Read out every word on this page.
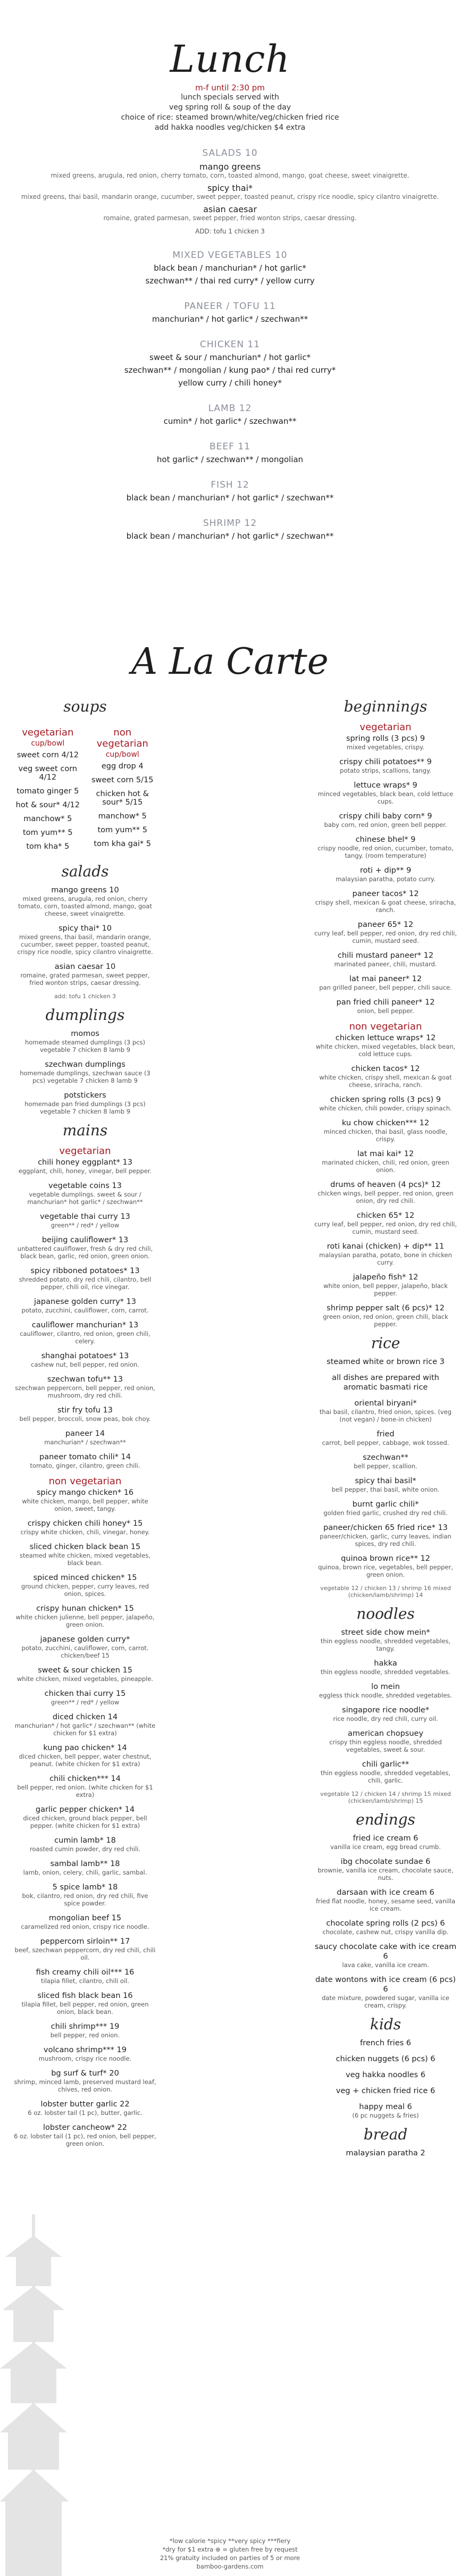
Lunch
m-f until 2:30 pm
lunch specials served with
veg spring roll & soup of the day
choice of rice: steamed brown/white/veg/chicken fried rice
add hakka noodles veg/chicken $4 extra
SALADS 10
mango greens
mixed greens, arugula, red onion, cherry tomato, corn, toasted almond, mango, goat cheese, sweet vinaigrette.
spicy thai*
mixed greens, thai basil, mandarin orange, cucumber, sweet pepper, toasted peanut, crispy rice noodle, spicy cilantro vinaigrette.
asian caesar
romaine, grated parmesan, sweet pepper, fried wonton strips, caesar dressing.
ADD: tofu 1 chicken 3
MIXED VEGETABLES 10
black bean / manchurian* / hot garlic*
szechwan** / thai red curry* / yellow curry
PANEER / TOFU 11
manchurian* / hot garlic* / szechwan**
CHICKEN 11
sweet & sour / manchurian* / hot garlic*
szechwan** / mongolian / kung pao* / thai red curry*
yellow curry / chili honey*
LAMB 12
cumin* / hot garlic* / szechwan**
BEEF 11
hot garlic* / szechwan** / mongolian
FISH 12
black bean / manchurian* / hot garlic* / szechwan**
SHRIMP 12
black bean / manchurian* / hot garlic* / szechwan**
A La Carte
soups
vegetarian
cup/bowl
sweet corn 4/12
veg sweet corn 4/12
tomato ginger 5
hot & sour* 4/12
manchow* 5
tom yum** 5
tom kha* 5
non vegetarian
cup/bowl
egg drop 4
sweet corn 5/15
chicken hot & sour* 5/15
manchow* 5
tom yum** 5
tom kha gai* 5
salads
mango greens 10
mixed greens, arugula, red onion, cherry tomato, corn, toasted almond, mango, goat cheese, sweet vinaigrette.
spicy thai* 10
mixed greens, thai basil, mandarin orange, cucumber, sweet pepper, toasted peanut, crispy rice noodle, spicy cilantro vinaigrette.
asian caesar 10
romaine, grated parmesan, sweet pepper, fried wonton strips, caesar dressing.
add: tofu 1 chicken 3
dumplings
momos
homemade steamed dumplings (3 pcs) vegetable 7 chicken 8 lamb 9
szechwan dumplings
homemade dumplings, szechwan sauce (3 pcs) vegetable 7 chicken 8 lamb 9
potstickers
homemade pan fried dumplings (3 pcs) vegetable 7 chicken 8 lamb 9
mains
vegetarian
chili honey eggplant* 13
eggplant, chili, honey, vinegar, bell pepper.
vegetable coins 13
vegetable dumplings. sweet & sour / manchurian* hot garlic* / szechwan**
vegetable thai curry 13
green** / red* / yellow
beijing cauliflower* 13
unbattered cauliflower, fresh & dry red chili, black bean, garlic, red onion, green onion.
spicy ribboned potatoes* 13
shredded potato, dry red chili, cilantro, bell pepper, chili oil, rice vinegar.
japanese golden curry* 13
potato, zucchini, cauliflower, corn, carrot.
cauliflower manchurian* 13
cauliflower, cilantro, red onion, green chili, celery.
shanghai potatoes* 13
cashew nut, bell pepper, red onion.
szechwan tofu** 13
szechwan peppercorn, bell pepper, red onion, mushroom, dry red chili.
stir fry tofu 13
bell pepper, broccoli, snow peas, bok choy.
paneer 14
manchurian* / szechwan**
paneer tomato chili* 14
tomato, ginger, cilantro, green chili.
non vegetarian
spicy mango chicken* 16
white chicken, mango, bell pepper, white onion, sweet, tangy.
crispy chicken chili honey* 15
crispy white chicken, chili, vinegar, honey.
sliced chicken black bean 15
steamed white chicken, mixed vegetables, black bean.
spiced minced chicken* 15
ground chicken, pepper, curry leaves, red onion, spices.
crispy hunan chicken* 15
white chicken julienne, bell pepper, jalapeño, green onion.
japanese golden curry*
potato, zucchini, cauliflower, corn, carrot. chicken/beef 15
sweet & sour chicken 15
white chicken, mixed vegetables, pineapple.
chicken thai curry 15
green** / red* / yellow
diced chicken 14
manchurian* / hot garlic* / szechwan** (white chicken for $1 extra)
kung pao chicken* 14
diced chicken, bell pepper, water chestnut, peanut. (white chicken for $1 extra)
chili chicken*** 14
bell pepper, red onion. (white chicken for $1 extra)
garlic pepper chicken* 14
diced chicken, ground black pepper, bell pepper. (white chicken for $1 extra)
cumin lamb* 18
roasted cumin powder, dry red chili.
sambal lamb** 18
lamb, onion, celery, chili, garlic, sambal.
5 spice lamb* 18
bok, cilantro, red onion, dry red chili, five spice powder.
mongolian beef 15
caramelized red onion, crispy rice noodle.
peppercorn sirloin** 17
beef, szechwan peppercorn, dry red chili, chili oil.
fish creamy chili oil*** 16
tilapia fillet, cilantro, chili oil.
sliced fish black bean 16
tilapia fillet, bell pepper, red onion, green onion, black bean.
chili shrimp*** 19
bell pepper, red onion.
volcano shrimp*** 19
mushroom, crispy rice noodle.
bg surf & turf* 20
shrimp, minced lamb, preserved mustard leaf, chives, red onion.
lobster butter garlic 22
6 oz. lobster tail (1 pc), butter, garlic.
lobster cancheow* 22
6 oz. lobster tail (1 pc), red onion, bell pepper, green onion.
beginnings
vegetarian
spring rolls (3 pcs) 9
mixed vegetables, crispy.
crispy chili potatoes** 9
potato strips, scallions, tangy.
lettuce wraps* 9
minced vegetables, black bean, cold lettuce cups.
crispy chili baby corn* 9
baby corn, red onion, green bell pepper.
chinese bhel* 9
crispy noodle, red onion, cucumber, tomato, tangy. (room temperature)
roti + dip** 9
malaysian paratha, potato curry.
paneer tacos* 12
crispy shell, mexican & goat cheese, sriracha, ranch.
paneer 65* 12
curry leaf, bell pepper, red onion, dry red chili, cumin, mustard seed.
chili mustard paneer* 12
marinated paneer, chili, mustard.
lat mai paneer* 12
pan grilled paneer, bell pepper, chili sauce.
pan fried chili paneer* 12
onion, bell pepper.
non vegetarian
chicken lettuce wraps* 12
white chicken, mixed vegetables, black bean, cold lettuce cups.
chicken tacos* 12
white chicken, crispy shell, mexican & goat cheese, sriracha, ranch.
chicken spring rolls (3 pcs) 9
white chicken, chili powder, crispy spinach.
ku chow chicken*** 12
minced chicken, thai basil, glass noodle, crispy.
lat mai kai* 12
marinated chicken, chili, red onion, green onion.
drums of heaven (4 pcs)* 12
chicken wings, bell pepper, red onion, green onion, dry red chili.
chicken 65* 12
curry leaf, bell pepper, red onion, dry red chili, cumin, mustard seed.
roti kanai (chicken) + dip** 11
malaysian paratha, potato, bone in chicken curry.
jalapeño fish* 12
white onion, bell pepper, jalapeño, black pepper.
shrimp pepper salt (6 pcs)* 12
green onion, red onion, green chili, black pepper.
rice
steamed white or brown rice 3
all dishes are prepared with aromatic basmati rice
oriental biryani*
thai basil, cilantro, fried onion, spices. (veg (not vegan) / bone-in chicken)
fried
carrot, bell pepper, cabbage, wok tossed.
szechwan**
bell pepper, scallion.
spicy thai basil*
bell pepper, thai basil, white onion.
burnt garlic chili*
golden fried garlic, crushed dry red chili.
paneer/chicken 65 fried rice* 13
paneer/chicken, garlic, curry leaves, indian spices, dry red chili.
quinoa brown rice** 12
quinoa, brown rice, vegetables, bell pepper, green onion.
vegetable 12 / chicken 13 / shrimp 16 mixed (chicken/lamb/shrimp) 14
noodles
street side chow mein*
thin eggless noodle, shredded vegetables, tangy.
hakka
thin eggless noodle, shredded vegetables.
lo mein
eggless thick noodle, shredded vegetables.
singapore rice noodle*
rice noodle, dry red chili, curry oil.
american chopsuey
crispy thin eggless noodle, shredded vegetables, sweet & sour.
chili garlic**
thin eggless noodle, shredded vegetables, chili, garlic.
vegetable 12 / chicken 14 / shrimp 15 mixed (chicken/lamb/shrimp) 15
endings
fried ice cream 6
vanilla ice cream, egg bread crumb.
ibg chocolate sundae 6
brownie, vanilla ice cream, chocolate sauce, nuts.
darsaan with ice cream 6
fried flat noodle, honey, sesame seed, vanilla ice cream.
chocolate spring rolls (2 pcs) 6
chocolate, cashew nut, crispy vanilla dip.
saucy chocolate cake with ice cream 6
lava cake, vanilla ice cream.
date wontons with ice cream (6 pcs) 6
date mixture, powdered sugar, vanilla ice cream, crispy.
kids
french fries 6
chicken nuggets (6 pcs) 6
veg hakka noodles 6
veg + chicken fried rice 6
happy meal 6
(6 pc nuggets & fries)
bread
malaysian paratha 2
*low calorie *spicy **very spicy ***fiery
*dry for $1 extra ⊕ = gluten free by request
21% gratuity included on parties of 5 or more
bamboo-gardens.com
